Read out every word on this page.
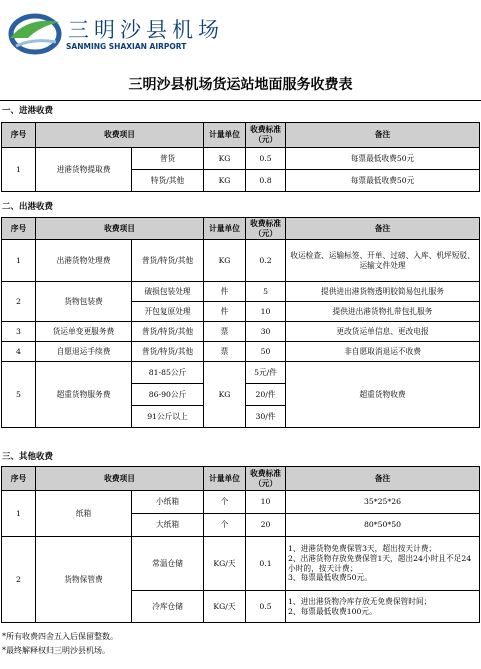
三明沙县机场
SANMING SHAXIAN AIRPORT
三明沙县机场货运站地面服务收费表
一、进港收费
序号	收费项目		计量单位	收费标准（元）	备注
1	进港货物提取费	普货	KG	0.5	每票最低收费50元
		特货/其他	KG	0.8	每票最低收费50元
二、出港收费
序号	收费项目		计量单位	收费标准（元）	备注
1	出港货物处理费	普货/特货/其他	KG	0.2	收运检查、运输标签、开单、过磅、入库、机坪短驳、运输文件处理
2	货物包装费	破损包装处理	件	5	提供进出港货物透明胶简易包扎服务
		开包复原处理	件	10	提供进出港货物扎带包扎服务
3	货运单变更服务费	普货/特货/其他	票	30	更改货运单信息、更改电报
4	自愿退运手续费	普货/特货/其他	票	50	非自愿取消退运不收费
5	超重货物服务费	81-85公斤	KG	5元/件	超重货物收费
		86-90公斤		20/件	
		91公斤以上		30/件	
三、其他收费
序号	收费项目		计量单位	收费标准（元）	备注
1	纸箱	小纸箱	个	10	35*25*26
		大纸箱	个	20	80*50*50
2	货物保管费	常温仓储	KG/天	0.1	1、进港货物免费保管3天，超出按天计费；
2、出港货物存放免费保管1天，超出24小时且不足24小时的，按天计费；
3、每票最低收费50元。

		冷库仓储	KG/天	0.5	1、进出港货物冷库存放无免费保管时间；
2、每票最低收费100元。
*所有收费四舍五入后保留整数。
*最终解释权归三明沙县机场。
